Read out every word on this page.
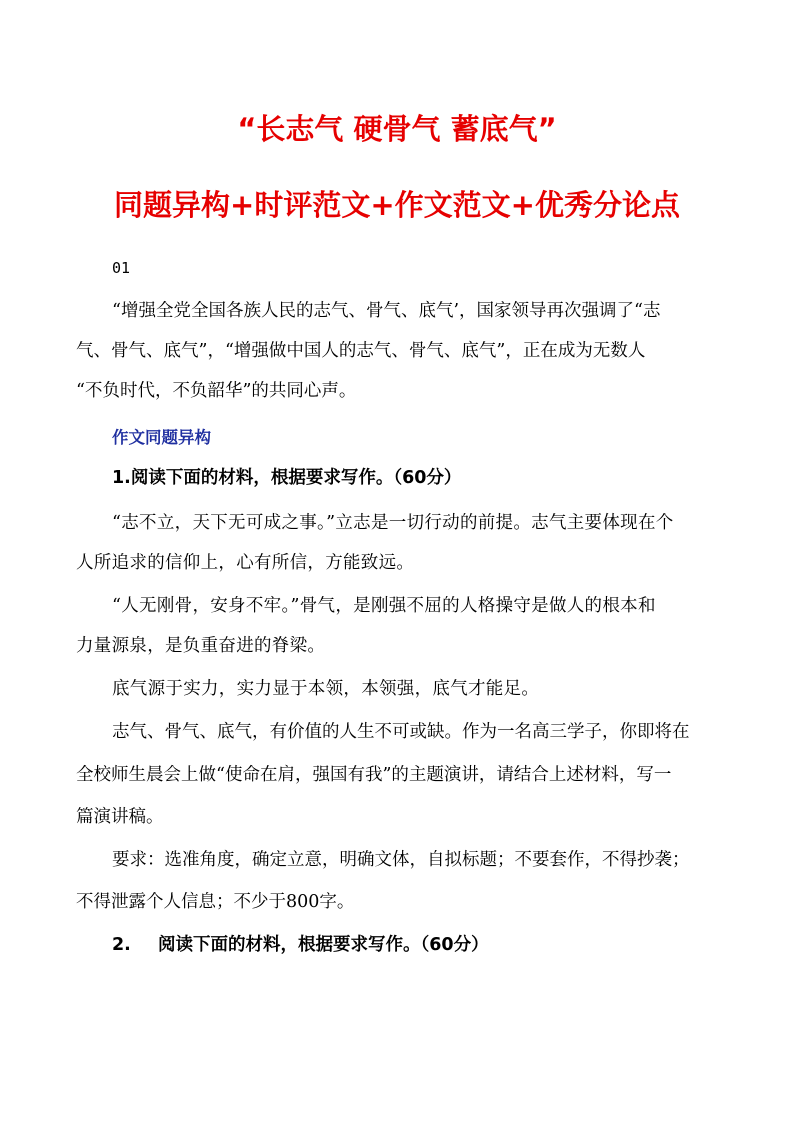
“长志气 硬骨气 蓄底气”
同题异构+时评范文+作文范文+优秀分论点
01
“增强全党全国各族人民的志气、骨气、底气’，国家领导再次强调了“志
气、骨气、底气”，“增强做中国人的志气、骨气、底气”，正在成为无数人
“不负时代，不负韶华”的共同心声。
作文同题异构
1.阅读下面的材料，根据要求写作。（60分）
“志不立，天下无可成之事。”立志是一切行动的前提。志气主要体现在个
人所追求的信仰上，心有所信，方能致远。
“人无刚骨，安身不牢。”骨气，是刚强不屈的人格操守是做人的根本和
力量源泉，是负重奋进的脊梁。
底气源于实力，实力显于本领，本领强，底气才能足。
志气、骨气、底气，有价值的人生不可或缺。作为一名高三学子，你即将在
全校师生晨会上做“使命在肩，强国有我”的主题演讲，请结合上述材料，写一
篇演讲稿。
要求：选准角度，确定立意，明确文体，自拟标题；不要套作，不得抄袭；
不得泄露个人信息；不少于800字。
2. 阅读下面的材料，根据要求写作。（60分）
